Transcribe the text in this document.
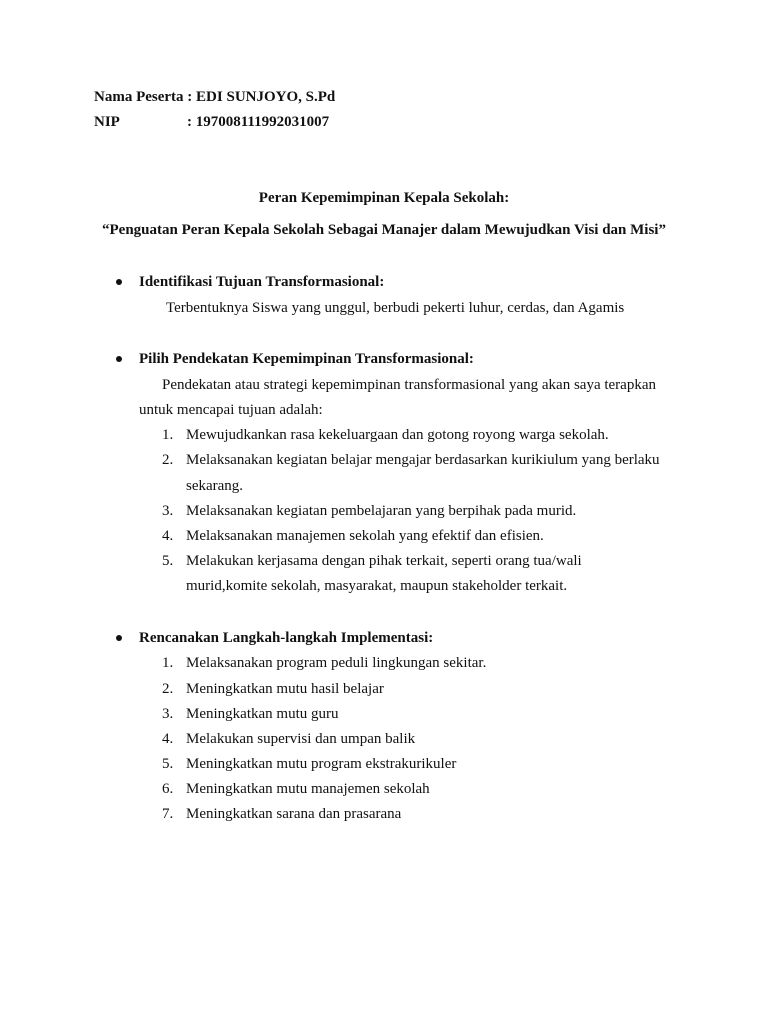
Nama Peserta : EDI SUNJOYO, S.Pd
NIP	: 197008111992031007
Peran Kepemimpinan Kepala Sekolah:
“Penguatan Peran Kepala Sekolah Sebagai Manajer dalam Mewujudkan Visi dan Misi”
Identifikasi Tujuan Transformasional:
Terbentuknya Siswa yang unggul, berbudi pekerti luhur, cerdas, dan Agamis
Pilih Pendekatan Kepemimpinan Transformasional:
Pendekatan atau strategi kepemimpinan transformasional yang akan saya terapkan
untuk mencapai tujuan adalah:
1. Mewujudkankan rasa kekeluargaan dan gotong royong warga sekolah.
2. Melaksanakan kegiatan belajar mengajar berdasarkan kurikiulum yang berlaku
sekarang.
3. Melaksanakan kegiatan pembelajaran yang berpihak pada murid.
4. Melaksanakan manajemen sekolah yang efektif dan efisien.
5. Melakukan kerjasama dengan pihak terkait, seperti orang tua/wali
murid,komite sekolah, masyarakat, maupun stakeholder terkait.
Rencanakan Langkah-langkah Implementasi:
1. Melaksanakan program peduli lingkungan sekitar.
2. Meningkatkan mutu hasil belajar
3. Meningkatkan mutu guru
4. Melakukan supervisi dan umpan balik
5. Meningkatkan mutu program ekstrakurikuler
6. Meningkatkan mutu manajemen sekolah
7. Meningkatkan sarana dan prasarana
